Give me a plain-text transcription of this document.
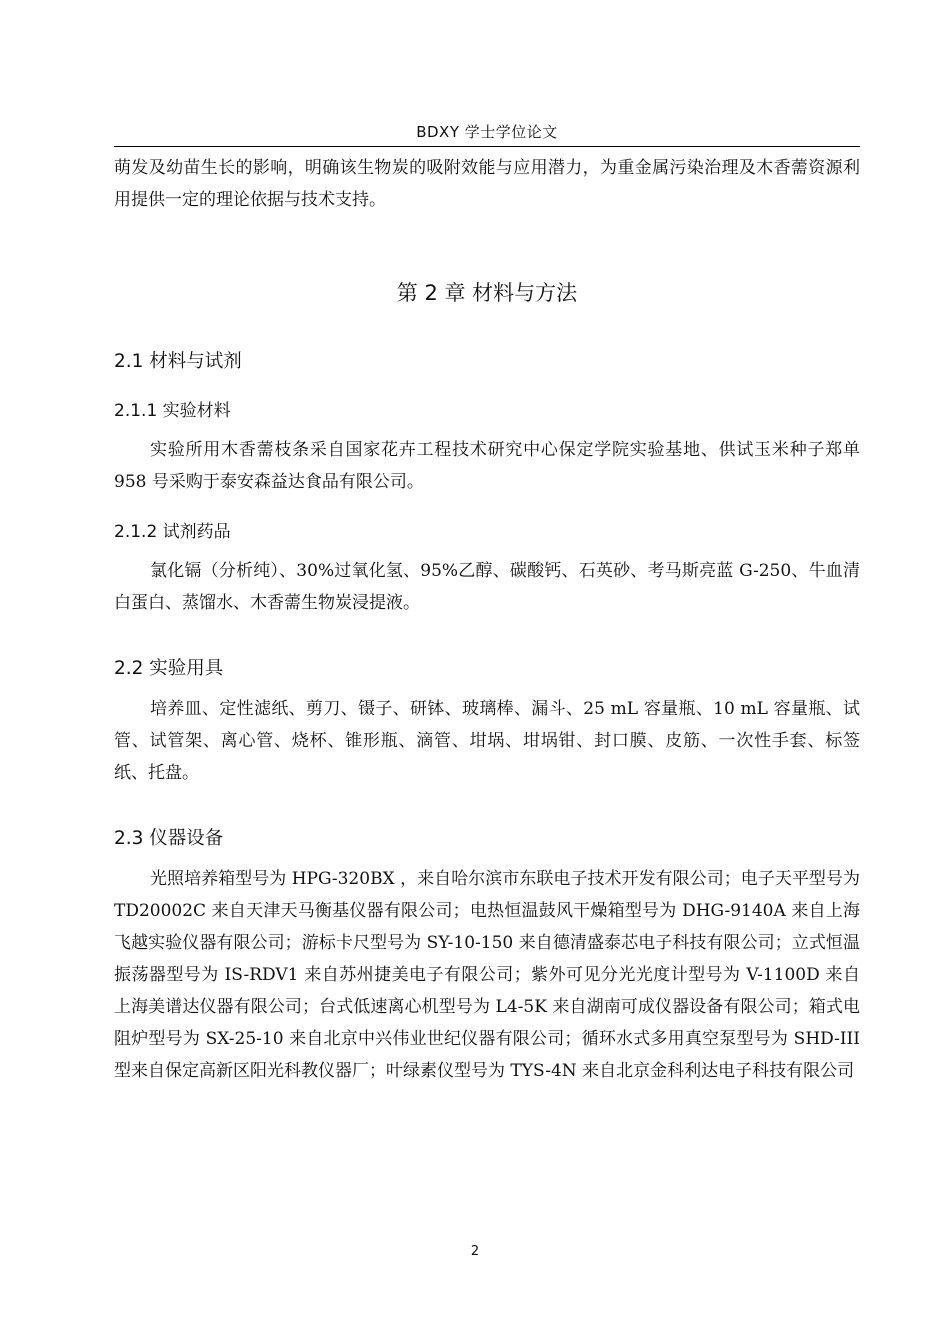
BDXY 学士学位论文

萌发及幼苗生长的影响，明确该生物炭的吸附效能与应用潜力，为重金属污染治理及木香薷资源利用提供一定的理论依据与技术支持。

第 2 章 材料与方法
2.1 材料与试剂
2.1.1 实验材料

实验所用木香薷枝条采自国家花卉工程技术研究中心保定学院实验基地、供试玉米种子郑单 958 号采购于泰安森益达食品有限公司。

2.1.2 试剂药品

氯化镉（分析纯）、30%过氧化氢、95%乙醇、碳酸钙、石英砂、考马斯亮蓝 G-250、牛血清白蛋白、蒸馏水、木香薷生物炭浸提液。

2.2 实验用具

培养皿、定性滤纸、剪刀、镊子、研钵、玻璃棒、漏斗、25 mL 容量瓶、10 mL 容量瓶、试管、试管架、离心管、烧杯、锥形瓶、滴管、坩埚、坩埚钳、封口膜、皮筋、一次性手套、标签纸、托盘。

2.3 仪器设备

光照培养箱型号为 HPG-320BX ，来自哈尔滨市东联电子技术开发有限公司；电子天平型号为 TD20002C 来自天津天马衡基仪器有限公司；电热恒温鼓风干燥箱型号为 DHG-9140A 来自上海飞越实验仪器有限公司；游标卡尺型号为 SY-10-150 来自德清盛泰芯电子科技有限公司；立式恒温振荡器型号为 IS-RDV1 来自苏州捷美电子有限公司；紫外可见分光光度计型号为 V-1100D 来自上海美谱达仪器有限公司；台式低速离心机型号为 L4-5K 来自湖南可成仪器设备有限公司；箱式电阻炉型号为 SX-25-10 来自北京中兴伟业世纪仪器有限公司；循环水式多用真空泵型号为 SHD-III 型来自保定高新区阳光科教仪器厂；叶绿素仪型号为 TYS-4N 来自北京金科利达电子科技有限公司

2
